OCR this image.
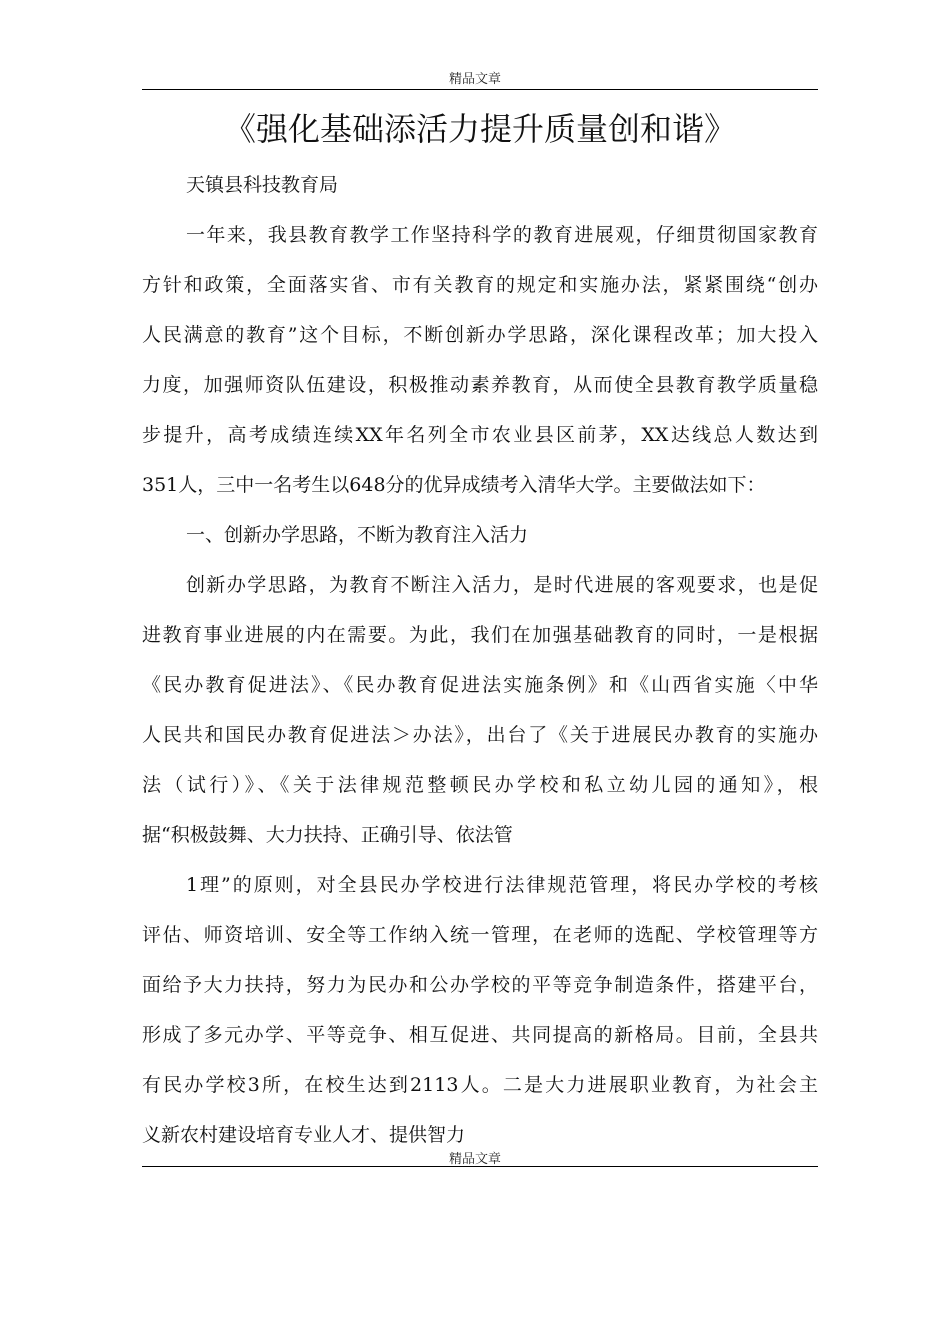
精品文章
《强化基础添活力提升质量创和谐》

天镇县科技教育局

一年来，我县教育教学工作坚持科学的教育进展观，仔细贯彻国家教育
方针和政策，全面落实省、市有关教育的规定和实施办法，紧紧围绕“创办
人民满意的教育”这个目标，不断创新办学思路，深化课程改革；加大投入
力度，加强师资队伍建设，积极推动素养教育，从而使全县教育教学质量稳
步提升，高考成绩连续XX年名列全市农业县区前茅，XX达线总人数达到
351人，三中一名考生以648分的优异成绩考入清华大学。主要做法如下：

一、创新办学思路，不断为教育注入活力

创新办学思路，为教育不断注入活力，是时代进展的客观要求，也是促
进教育事业进展的内在需要。为此，我们在加强基础教育的同时，一是根据
《民办教育促进法》、《民办教育促进法实施条例》和《山西省实施〈中华
人民共和国民办教育促进法＞办法》，出台了《关于进展民办教育的实施办
法（试行）》、《关于法律规范整顿民办学校和私立幼儿园的通知》，根
据“积极鼓舞、大力扶持、正确引导、依法管

1理”的原则，对全县民办学校进行法律规范管理，将民办学校的考核
评估、师资培训、安全等工作纳入统一管理，在老师的选配、学校管理等方
面给予大力扶持，努力为民办和公办学校的平等竞争制造条件，搭建平台，
形成了多元办学、平等竞争、相互促进、共同提高的新格局。目前，全县共
有民办学校3所，在校生达到2113人。二是大力进展职业教育，为社会主
义新农村建设培育专业人才、提供智力

精品文章
